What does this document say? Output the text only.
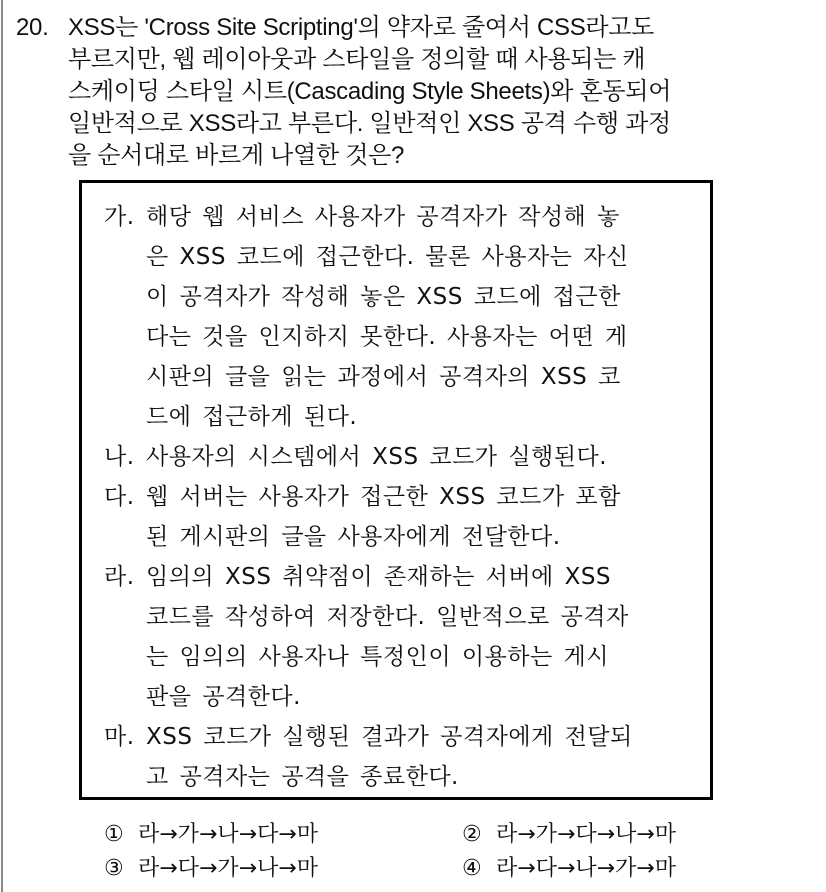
20. XSS는 'Cross Site Scripting'의 약자로 줄여서 CSS라고도
부르지만, 웹 레이아웃과 스타일을 정의할 때 사용되는 캐
스케이딩 스타일 시트(Cascading Style Sheets)와 혼동되어
일반적으로 XSS라고 부른다. 일반적인 XSS 공격 수행 과정
을 순서대로 바르게 나열한 것은?
가. 해당 웹 서비스 사용자가 공격자가 작성해 놓
은 XSS 코드에 접근한다. 물론 사용자는 자신
이 공격자가 작성해 놓은 XSS 코드에 접근한
다는 것을 인지하지 못한다. 사용자는 어떤 게
시판의 글을 읽는 과정에서 공격자의 XSS 코
드에 접근하게 된다.
나. 사용자의 시스템에서 XSS 코드가 실행된다.
다. 웹 서버는 사용자가 접근한 XSS 코드가 포함
된 게시판의 글을 사용자에게 전달한다.
라. 임의의 XSS 취약점이 존재하는 서버에 XSS
코드를 작성하여 저장한다. 일반적으로 공격자
는 임의의 사용자나 특정인이 이용하는 게시
판을 공격한다.
마. XSS 코드가 실행된 결과가 공격자에게 전달되
고 공격자는 공격을 종료한다.
① 라→가→나→다→마	② 라→가→다→나→마
③ 라→다→가→나→마	④ 라→다→나→가→마
